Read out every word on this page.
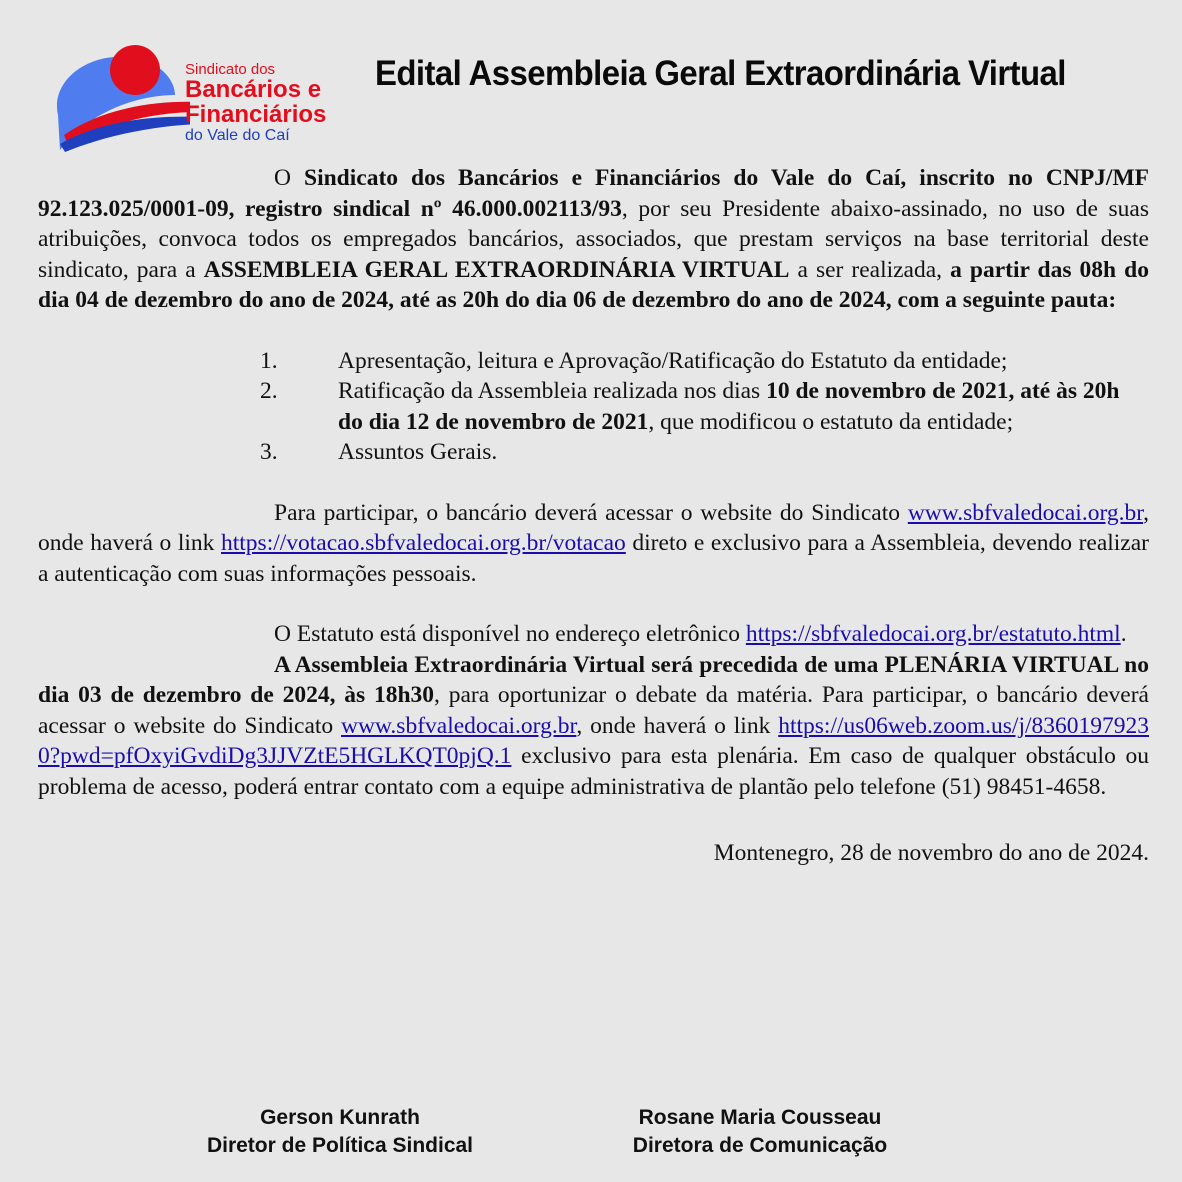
Sindicato dos
Bancários e
Financiários
do Vale do Caí
Edital Assembleia Geral Extraordinária Virtual

O Sindicato dos Bancários e Financiários do Vale do Caí, inscrito no CNPJ/MF 92.123.025/0001-09, registro sindical nº 46.000.002113/93, por seu Presidente abaixo-assinado, no uso de suas atribuições, convoca todos os empregados bancários, associados, que prestam serviços na base territorial deste sindicato, para a ASSEMBLEIA GERAL EXTRAORDINÁRIA VIRTUAL a ser realizada, a partir das 08h do dia 04 de dezembro do ano de 2024, até as 20h do dia 06 de dezembro do ano de 2024, com a seguinte pauta:

1.	Apresentação, leitura e Aprovação/Ratificação do Estatuto da entidade;
2.	Ratificação da Assembleia realizada nos dias 10 de novembro de 2021, até às 20h do dia 12 de novembro de 2021, que modificou o estatuto da entidade;
3.	Assuntos Gerais.

Para participar, o bancário deverá acessar o website do Sindicato www.sbfvaledocai.org.br, onde haverá o link https://votacao.sbfvaledocai.org.br/votacao direto e exclusivo para a Assembleia, devendo realizar a autenticação com suas informações pessoais.

O Estatuto está disponível no endereço eletrônico https://sbfvaledocai.org.br/estatuto.html.

A Assembleia Extraordinária Virtual será precedida de uma PLENÁRIA VIRTUAL no dia 03 de dezembro de 2024, às 18h30, para oportunizar o debate da matéria. Para participar, o bancário deverá acessar o website do Sindicato www.sbfvaledocai.org.br, onde haverá o link https://us06web.zoom.us/j/83601979230?pwd=pfOxyiGvdiDg3JJVZtE5HGLKQT0pjQ.1 exclusivo para esta plenária. Em caso de qualquer obstáculo ou problema de acesso, poderá entrar contato com a equipe administrativa de plantão pelo telefone (51) 98451-4658.

Montenegro, 28 de novembro do ano de 2024.

Gerson Kunrath
Diretor de Política Sindical
Rosane Maria Cousseau
Diretora de Comunicação
